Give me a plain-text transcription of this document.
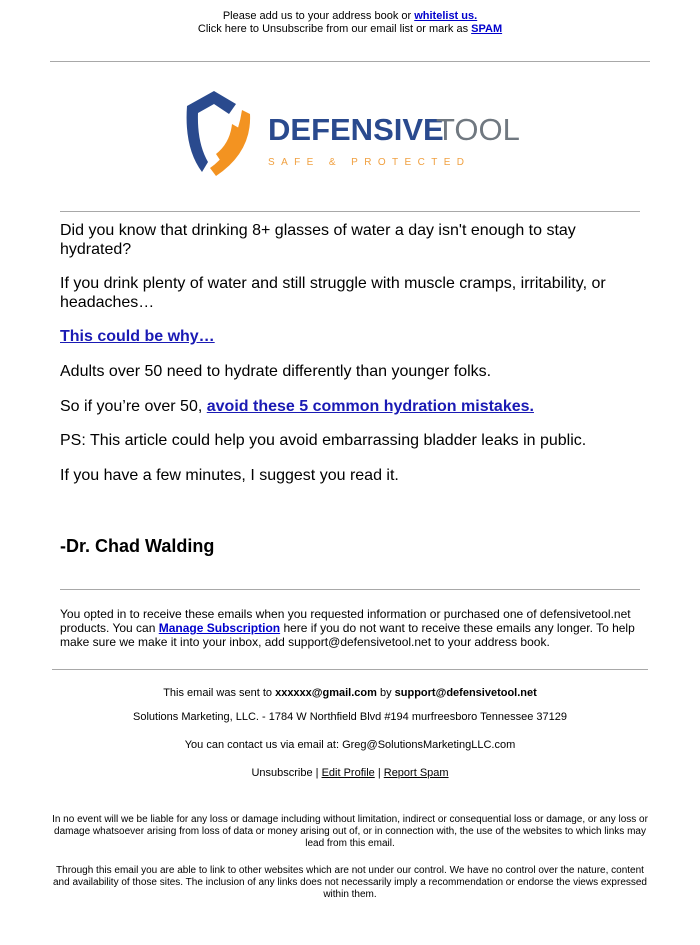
Please add us to your address book or whitelist us.
Click here to Unsubscribe from our email list or mark as SPAM
DEFENSIVE
TOOL
SAFE & PROTECTED

Did you know that drinking 8+ glasses of water a day isn't enough to stay hydrated?

If you drink plenty of water and still struggle with muscle cramps, irritability, or headaches…

This could be why…

Adults over 50 need to hydrate differently than younger folks.

So if you’re over 50, avoid these 5 common hydration mistakes.

PS: This article could help you avoid embarrassing bladder leaks in public.

If you have a few minutes, I suggest you read it.

-Dr. Chad Walding
You opted in to receive these emails when you requested information or purchased one of defensivetool.net products. You can Manage Subscription here if you do not want to receive these emails any longer. To help make sure we make it into your inbox, add support@defensivetool.net to your address book.
This email was sent to xxxxxx@gmail.com by support@defensivetool.net
Solutions Marketing, LLC. - 1784 W Northfield Blvd #194 murfreesboro Tennessee 37129
You can contact us via email at: Greg@SolutionsMarketingLLC.com
Unsubscribe | Edit Profile | Report Spam
In no event will we be liable for any loss or damage including without limitation, indirect or consequential loss or damage, or any loss or damage whatsoever arising from loss of data or money arising out of, or in connection with, the use of the websites to which links may lead from this email.
Through this email you are able to link to other websites which are not under our control. We have no control over the nature, content and availability of those sites. The inclusion of any links does not necessarily imply a recommendation or endorse the views expressed within them.
